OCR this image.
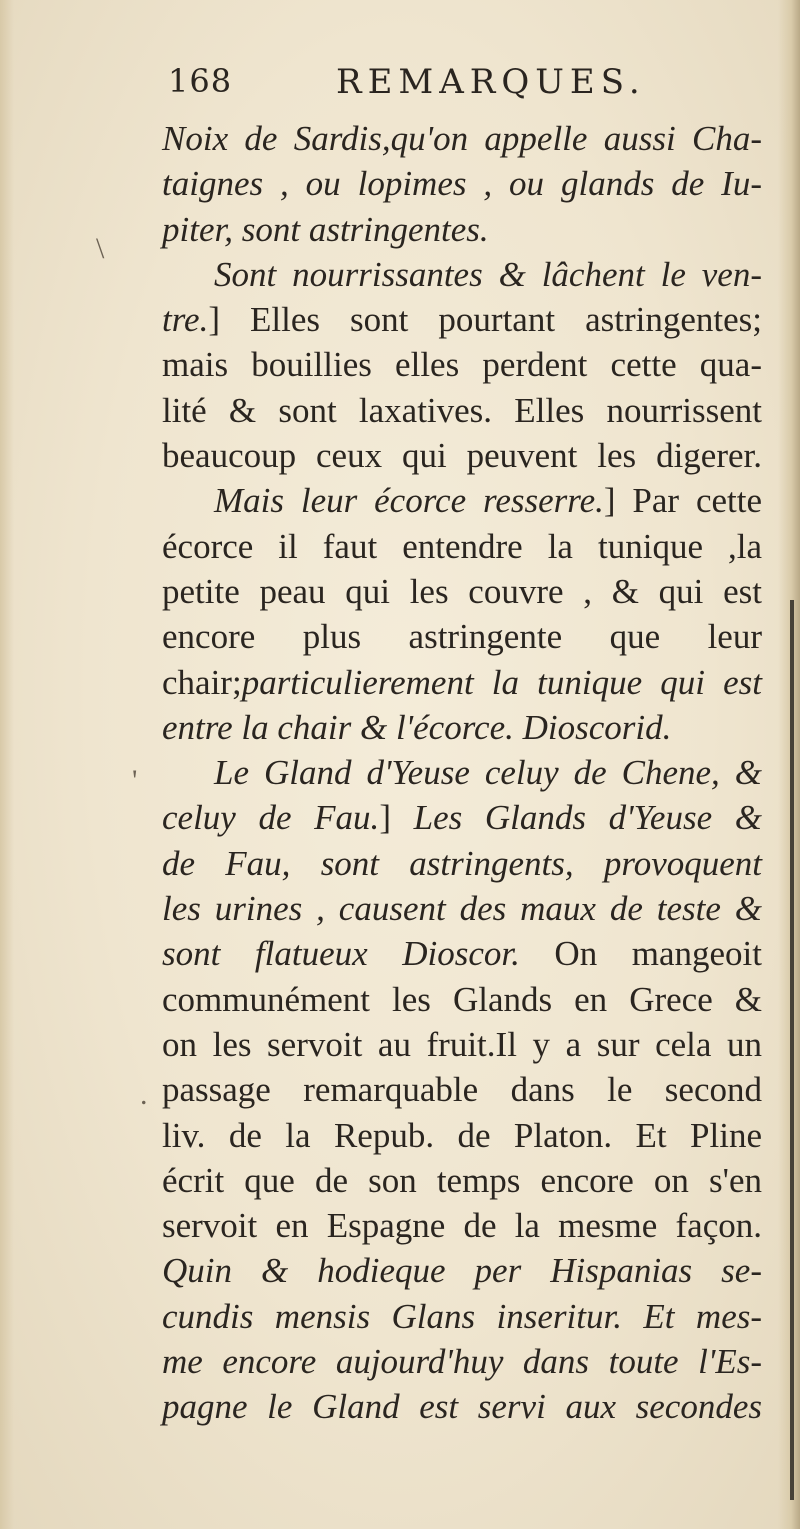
168	REMARQUES.
\
'
.
Noix de Sardis,qu'on appelle aussi Cha-
taignes , ou lopimes , ou glands de Iu-
piter, sont astringentes.
Sont nourrissantes & lâchent le ven-
tre.] Elles sont pourtant astringentes;
mais bouillies elles perdent cette qua-
lité & sont laxatives. Elles nourrissent
beaucoup ceux qui peuvent les digerer.
Mais leur écorce resserre.] Par cette
écorce il faut entendre la tunique ,la
petite peau qui les couvre , & qui est
encore plus astringente que leur
chair;particulierement la tunique qui est
entre la chair & l'écorce. Dioscorid.
Le Gland d'Yeuse celuy de Chene, &
celuy de Fau.] Les Glands d'Yeuse &
de Fau, sont astringents, provoquent
les urines , causent des maux de teste &
sont flatueux Dioscor. On mangeoit
communément les Glands en Grece &
on les servoit au fruit.Il y a sur cela un
passage remarquable dans le second
liv. de la Repub. de Platon. Et Pline
écrit que de son temps encore on s'en
servoit en Espagne de la mesme façon.
Quin & hodieque per Hispanias se-
cundis mensis Glans inseritur. Et mes-
me encore aujourd'huy dans toute l'Es-
pagne le Gland est servi aux secondes
